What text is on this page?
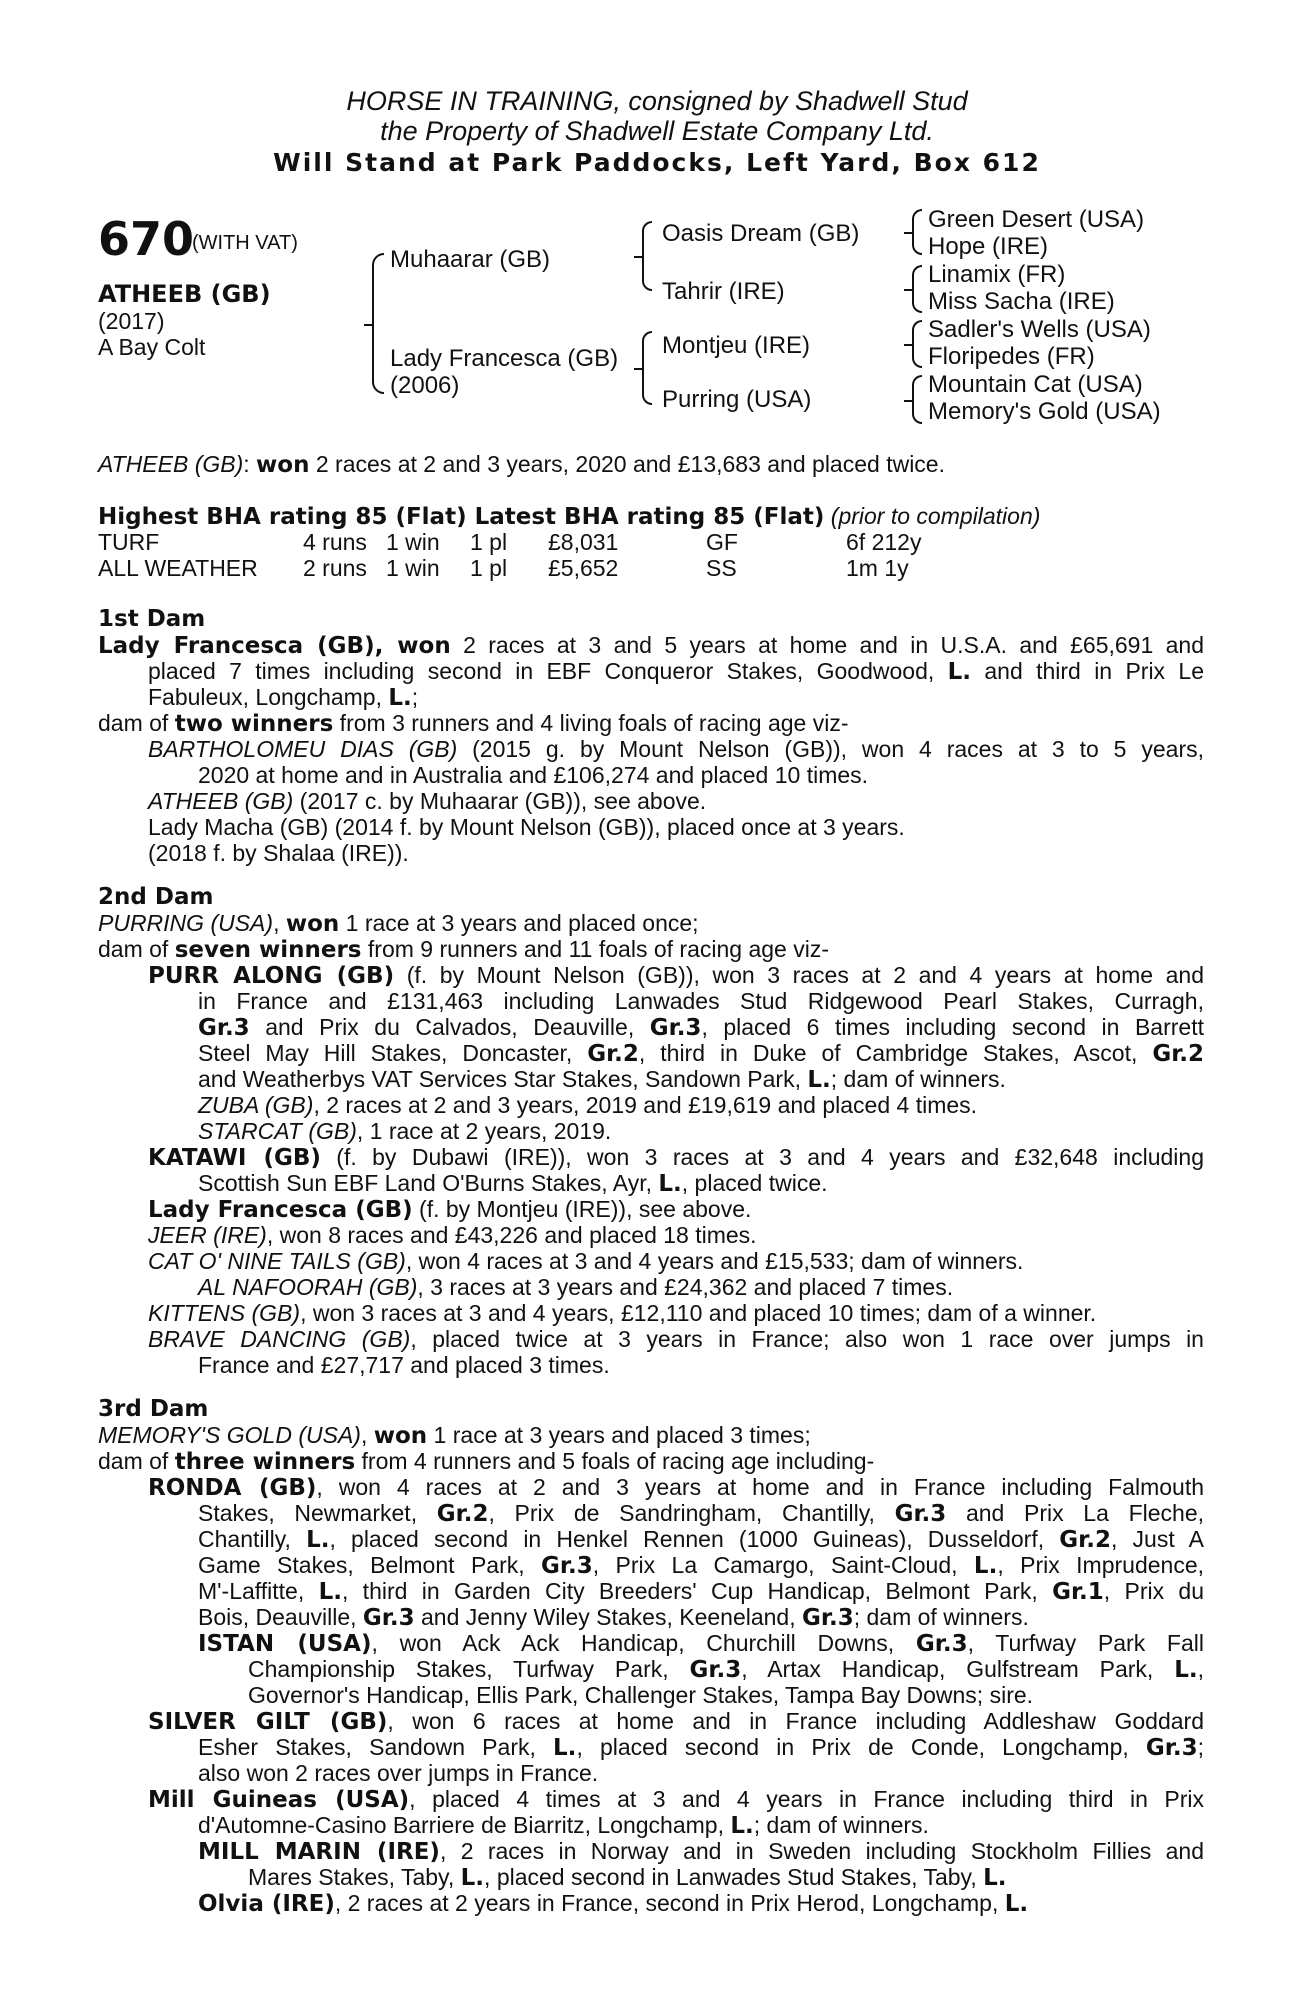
HORSE IN TRAINING, consigned by Shadwell Stud
the Property of Shadwell Estate Company Ltd.
Will Stand at Park Paddocks, Left Yard, Box 612
670
(WITH VAT)
ATHEEB (GB)
(2017)
A Bay Colt
Muhaarar (GB)
Lady Francesca (GB)
(2006)
Oasis Dream (GB)
Tahrir (IRE)
Montjeu (IRE)
Purring (USA)
Green Desert (USA)
Hope (IRE)
Linamix (FR)
Miss Sacha (IRE)
Sadler's Wells (USA)
Floripedes (FR)
Mountain Cat (USA)
Memory's Gold (USA)
ATHEEB (GB): won 2 races at 2 and 3 years, 2020 and £13,683 and placed twice.
Highest BHA rating 85 (Flat) Latest BHA rating 85 (Flat) (prior to compilation)
TURF	4 runs 1 win 1 pl £8,031	GF	6f 212y
ALL WEATHER 2 runs 1 win 1 pl £5,652	SS	1m 1y
1st Dam
Lady Francesca (GB), won 2 races at 3 and 5 years at home and in U.S.A. and £65,691 and
placed 7 times including second in EBF Conqueror Stakes, Goodwood, L. and third in Prix Le
Fabuleux, Longchamp, L.;
dam of two winners from 3 runners and 4 living foals of racing age viz-
BARTHOLOMEU DIAS (GB) (2015 g. by Mount Nelson (GB)), won 4 races at 3 to 5 years,
2020 at home and in Australia and £106,274 and placed 10 times.
ATHEEB (GB) (2017 c. by Muhaarar (GB)), see above.
Lady Macha (GB) (2014 f. by Mount Nelson (GB)), placed once at 3 years.
(2018 f. by Shalaa (IRE)).
2nd Dam
PURRING (USA), won 1 race at 3 years and placed once;
dam of seven winners from 9 runners and 11 foals of racing age viz-
PURR ALONG (GB) (f. by Mount Nelson (GB)), won 3 races at 2 and 4 years at home and
in France and £131,463 including Lanwades Stud Ridgewood Pearl Stakes, Curragh,
Gr.3 and Prix du Calvados, Deauville, Gr.3, placed 6 times including second in Barrett
Steel May Hill Stakes, Doncaster, Gr.2, third in Duke of Cambridge Stakes, Ascot, Gr.2
and Weatherbys VAT Services Star Stakes, Sandown Park, L.; dam of winners.
ZUBA (GB), 2 races at 2 and 3 years, 2019 and £19,619 and placed 4 times.
STARCAT (GB), 1 race at 2 years, 2019.
KATAWI (GB) (f. by Dubawi (IRE)), won 3 races at 3 and 4 years and £32,648 including
Scottish Sun EBF Land O'Burns Stakes, Ayr, L., placed twice.
Lady Francesca (GB) (f. by Montjeu (IRE)), see above.
JEER (IRE), won 8 races and £43,226 and placed 18 times.
CAT O' NINE TAILS (GB), won 4 races at 3 and 4 years and £15,533; dam of winners.
AL NAFOORAH (GB), 3 races at 3 years and £24,362 and placed 7 times.
KITTENS (GB), won 3 races at 3 and 4 years, £12,110 and placed 10 times; dam of a winner.
BRAVE DANCING (GB), placed twice at 3 years in France; also won 1 race over jumps in
France and £27,717 and placed 3 times.
3rd Dam
MEMORY'S GOLD (USA), won 1 race at 3 years and placed 3 times;
dam of three winners from 4 runners and 5 foals of racing age including-
RONDA (GB), won 4 races at 2 and 3 years at home and in France including Falmouth
Stakes, Newmarket, Gr.2, Prix de Sandringham, Chantilly, Gr.3 and Prix La Fleche,
Chantilly, L., placed second in Henkel Rennen (1000 Guineas), Dusseldorf, Gr.2, Just A
Game Stakes, Belmont Park, Gr.3, Prix La Camargo, Saint-Cloud, L., Prix Imprudence,
M'-Laffitte, L., third in Garden City Breeders' Cup Handicap, Belmont Park, Gr.1, Prix du
Bois, Deauville, Gr.3 and Jenny Wiley Stakes, Keeneland, Gr.3; dam of winners.
ISTAN (USA), won Ack Ack Handicap, Churchill Downs, Gr.3, Turfway Park Fall
Championship Stakes, Turfway Park, Gr.3, Artax Handicap, Gulfstream Park, L.,
Governor's Handicap, Ellis Park, Challenger Stakes, Tampa Bay Downs; sire.
SILVER GILT (GB), won 6 races at home and in France including Addleshaw Goddard
Esher Stakes, Sandown Park, L., placed second in Prix de Conde, Longchamp, Gr.3;
also won 2 races over jumps in France.
Mill Guineas (USA), placed 4 times at 3 and 4 years in France including third in Prix
d'Automne-Casino Barriere de Biarritz, Longchamp, L.; dam of winners.
MILL MARIN (IRE), 2 races in Norway and in Sweden including Stockholm Fillies and
Mares Stakes, Taby, L., placed second in Lanwades Stud Stakes, Taby, L.
Olvia (IRE), 2 races at 2 years in France, second in Prix Herod, Longchamp, L.
